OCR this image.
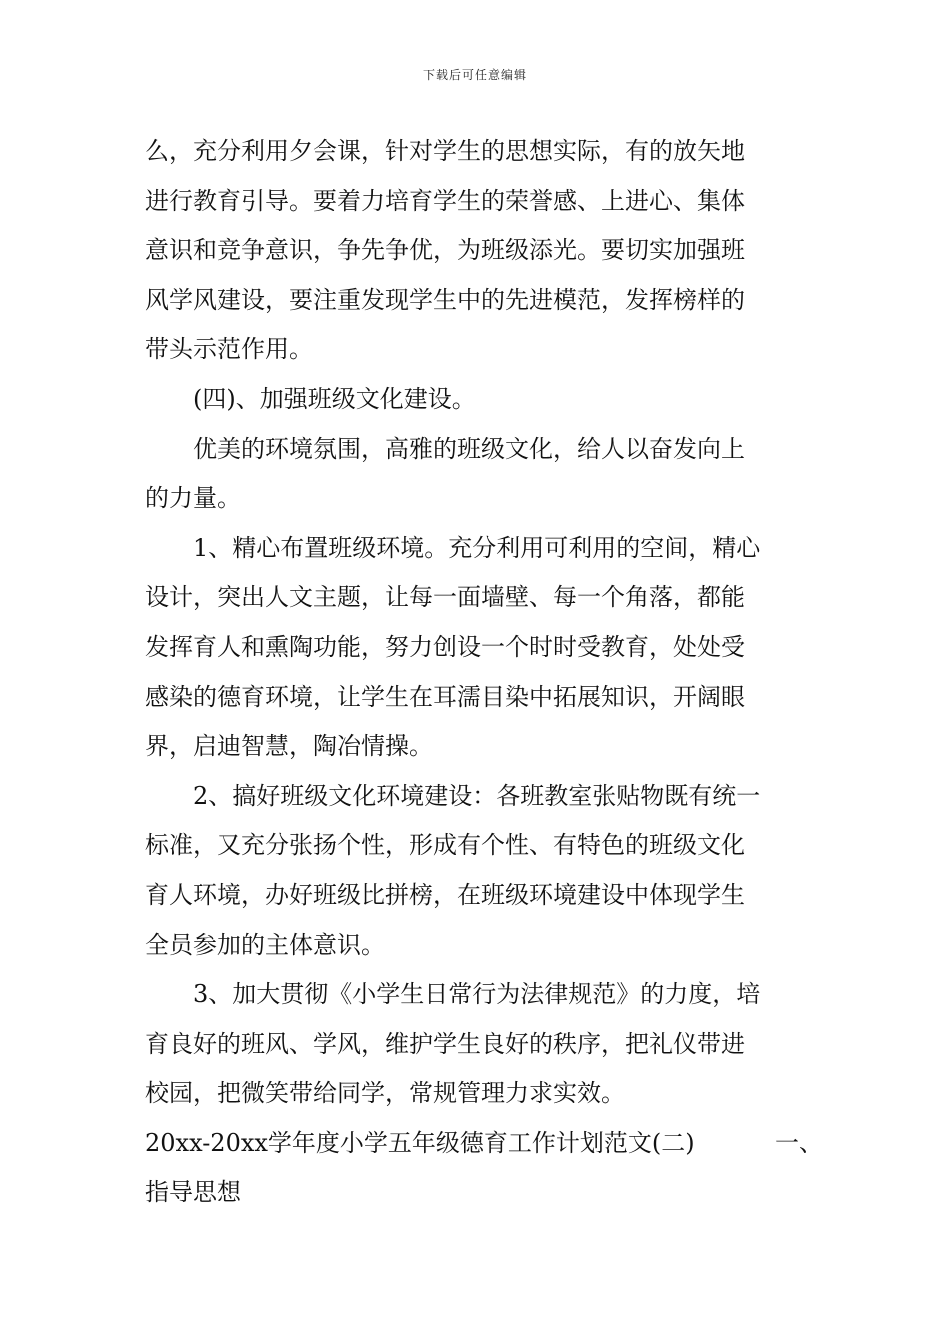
下载后可任意编辑
么，充分利用夕会课，针对学生的思想实际，有的放矢地
进行教育引导。要着力培育学生的荣誉感、上进心、集体
意识和竞争意识，争先争优，为班级添光。要切实加强班
风学风建设，要注重发现学生中的先进模范，发挥榜样的
带头示范作用。
(四)、加强班级文化建设。
优美的环境氛围，高雅的班级文化，给人以奋发向上
的力量。
1、精心布置班级环境。充分利用可利用的空间，精心
设计，突出人文主题，让每一面墙壁、每一个角落，都能
发挥育人和熏陶功能，努力创设一个时时受教育，处处受
感染的德育环境，让学生在耳濡目染中拓展知识，开阔眼
界，启迪智慧，陶冶情操。
2、搞好班级文化环境建设：各班教室张贴物既有统一
标准，又充分张扬个性，形成有个性、有特色的班级文化
育人环境，办好班级比拼榜，在班级环境建设中体现学生
全员参加的主体意识。
3、加大贯彻《小学生日常行为法律规范》的力度，培
育良好的班风、学风，维护学生良好的秩序，把礼仪带进
校园，把微笑带给同学，常规管理力求实效。
20xx-20xx学年度小学五年级德育工作计划范文(二)	一、
指导思想
